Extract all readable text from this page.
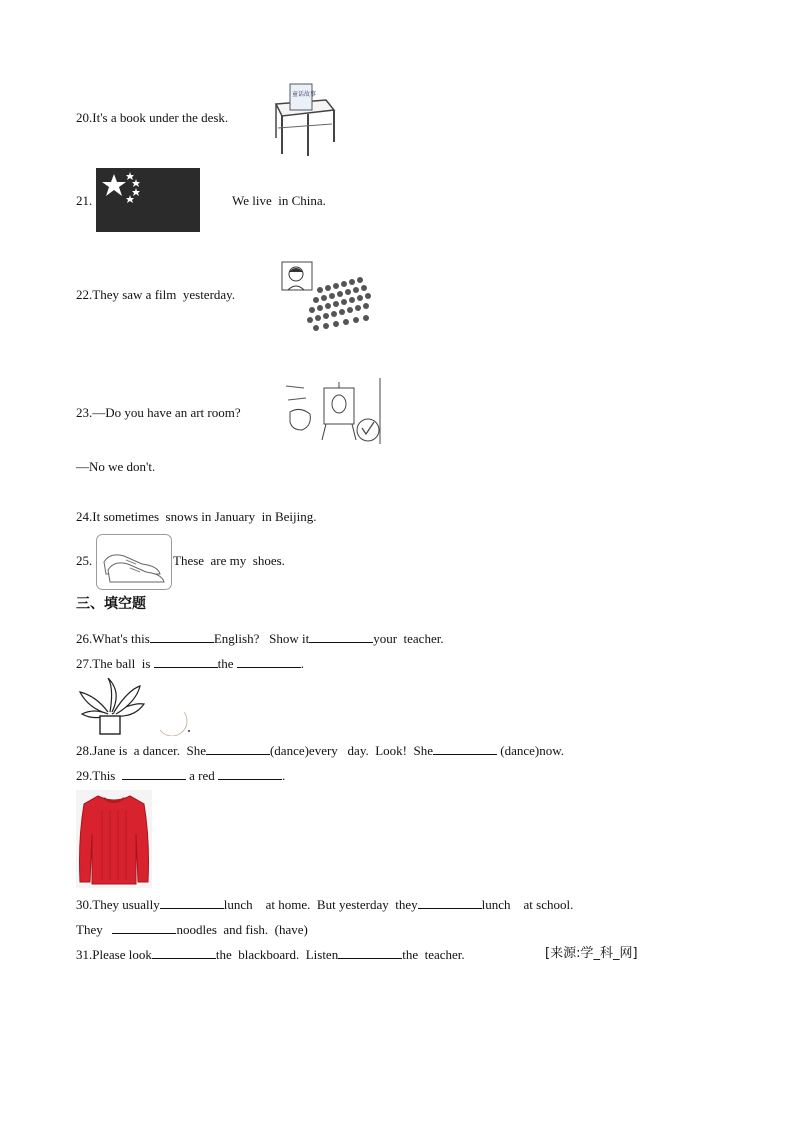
20.It's a book under the desk.
童话故事
21.	We live  in China.
22.They saw a film  yesterday.
23.—Do you have an art room?
—No we don't.
24.It sometimes  snows in January  in Beijing.
25.	These  are my  shoes.
三、填空题
26.What's this	English?   Show it	your  teacher.
27.The ball  is	the	.
28.Jane is  a dancer.  She	(dance)every   day.  Look!  She	(dance)now.
29.This	a red	.
30.They usually	lunch    at home.  But yesterday  they	lunch    at school.
They	noodles  and fish.  (have)
31.Please look	the  blackboard.  Listen	the  teacher.	[来源:学_科_网]
